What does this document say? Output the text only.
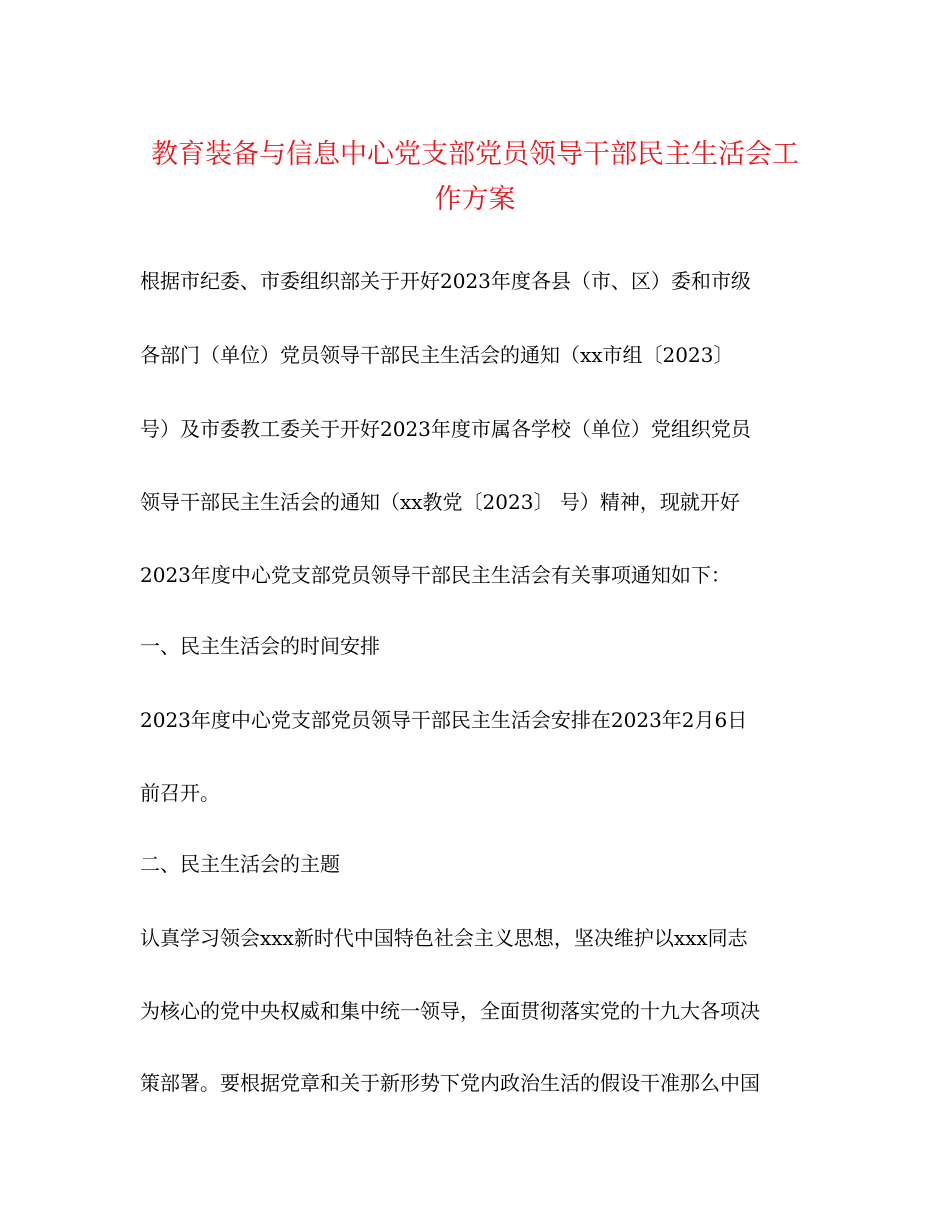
教育装备与信息中心党支部党员领导干部民主生活会工
作方案
根据市纪委、市委组织部关于开好2023年度各县（市、区）委和市级
各部门（单位）党员领导干部民主生活会的通知（xx市组〔2023〕
号）及市委教工委关于开好2023年度市属各学校（单位）党组织党员
领导干部民主生活会的通知（xx教党〔2023〕 号）精神，现就开好
2023年度中心党支部党员领导干部民主生活会有关事项通知如下：
一、民主生活会的时间安排
2023年度中心党支部党员领导干部民主生活会安排在2023年2月6日
前召开。
二、民主生活会的主题
认真学习领会xxx新时代中国特色社会主义思想，坚决维护以xxx同志
为核心的党中央权威和集中统一领导，全面贯彻落实党的十九大各项决
策部署。要根据党章和关于新形势下党内政治生活的假设干准那么中国
